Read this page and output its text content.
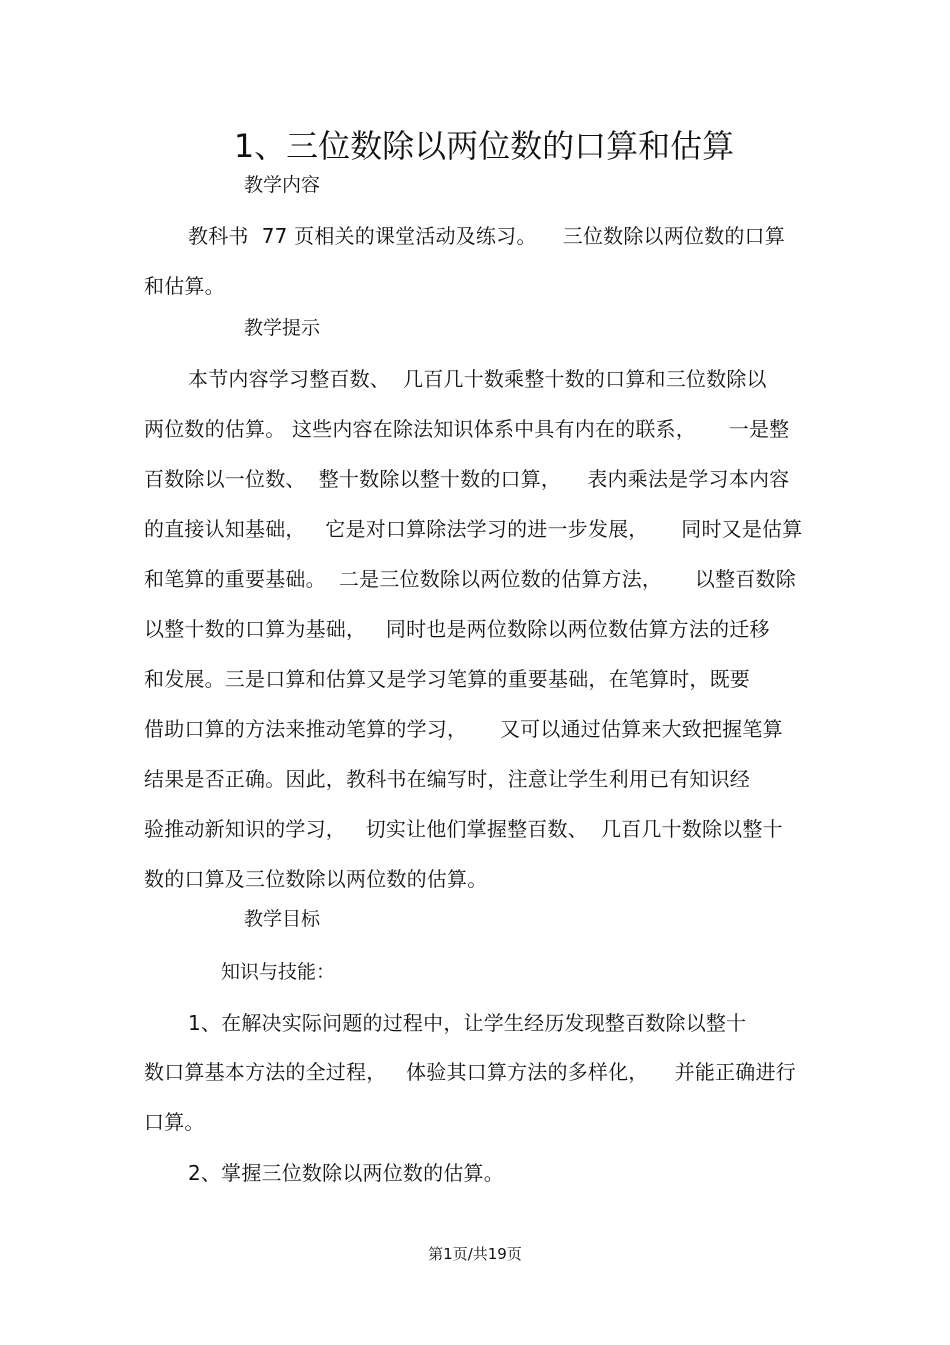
1、三位数除以两位数的口算和估算
教学内容
教科书  77 页相关的课堂活动及练习。    三位数除以两位数的口算
和估算。
教学提示
本节内容学习整百数、  几百几十数乘整十数的口算和三位数除以
两位数的估算。 这些内容在除法知识体系中具有内在的联系，     一是整
百数除以一位数、  整十数除以整十数的口算，    表内乘法是学习本内容
的直接认知基础，   它是对口算除法学习的进一步发展，     同时又是估算
和笔算的重要基础。  二是三位数除以两位数的估算方法，     以整百数除
以整十数的口算为基础，   同时也是两位数除以两位数估算方法的迁移
和发展。三是口算和估算又是学习笔算的重要基础，在笔算时，既要
借助口算的方法来推动笔算的学习，     又可以通过估算来大致把握笔算
结果是否正确。因此，教科书在编写时，注意让学生利用已有知识经
验推动新知识的学习，   切实让他们掌握整百数、  几百几十数除以整十
数的口算及三位数除以两位数的估算。
教学目标
知识与技能：
1、在解决实际问题的过程中，让学生经历发现整百数除以整十
数口算基本方法的全过程，   体验其口算方法的多样化，    并能正确进行
口算。
2、掌握三位数除以两位数的估算。
第1页/共19页
